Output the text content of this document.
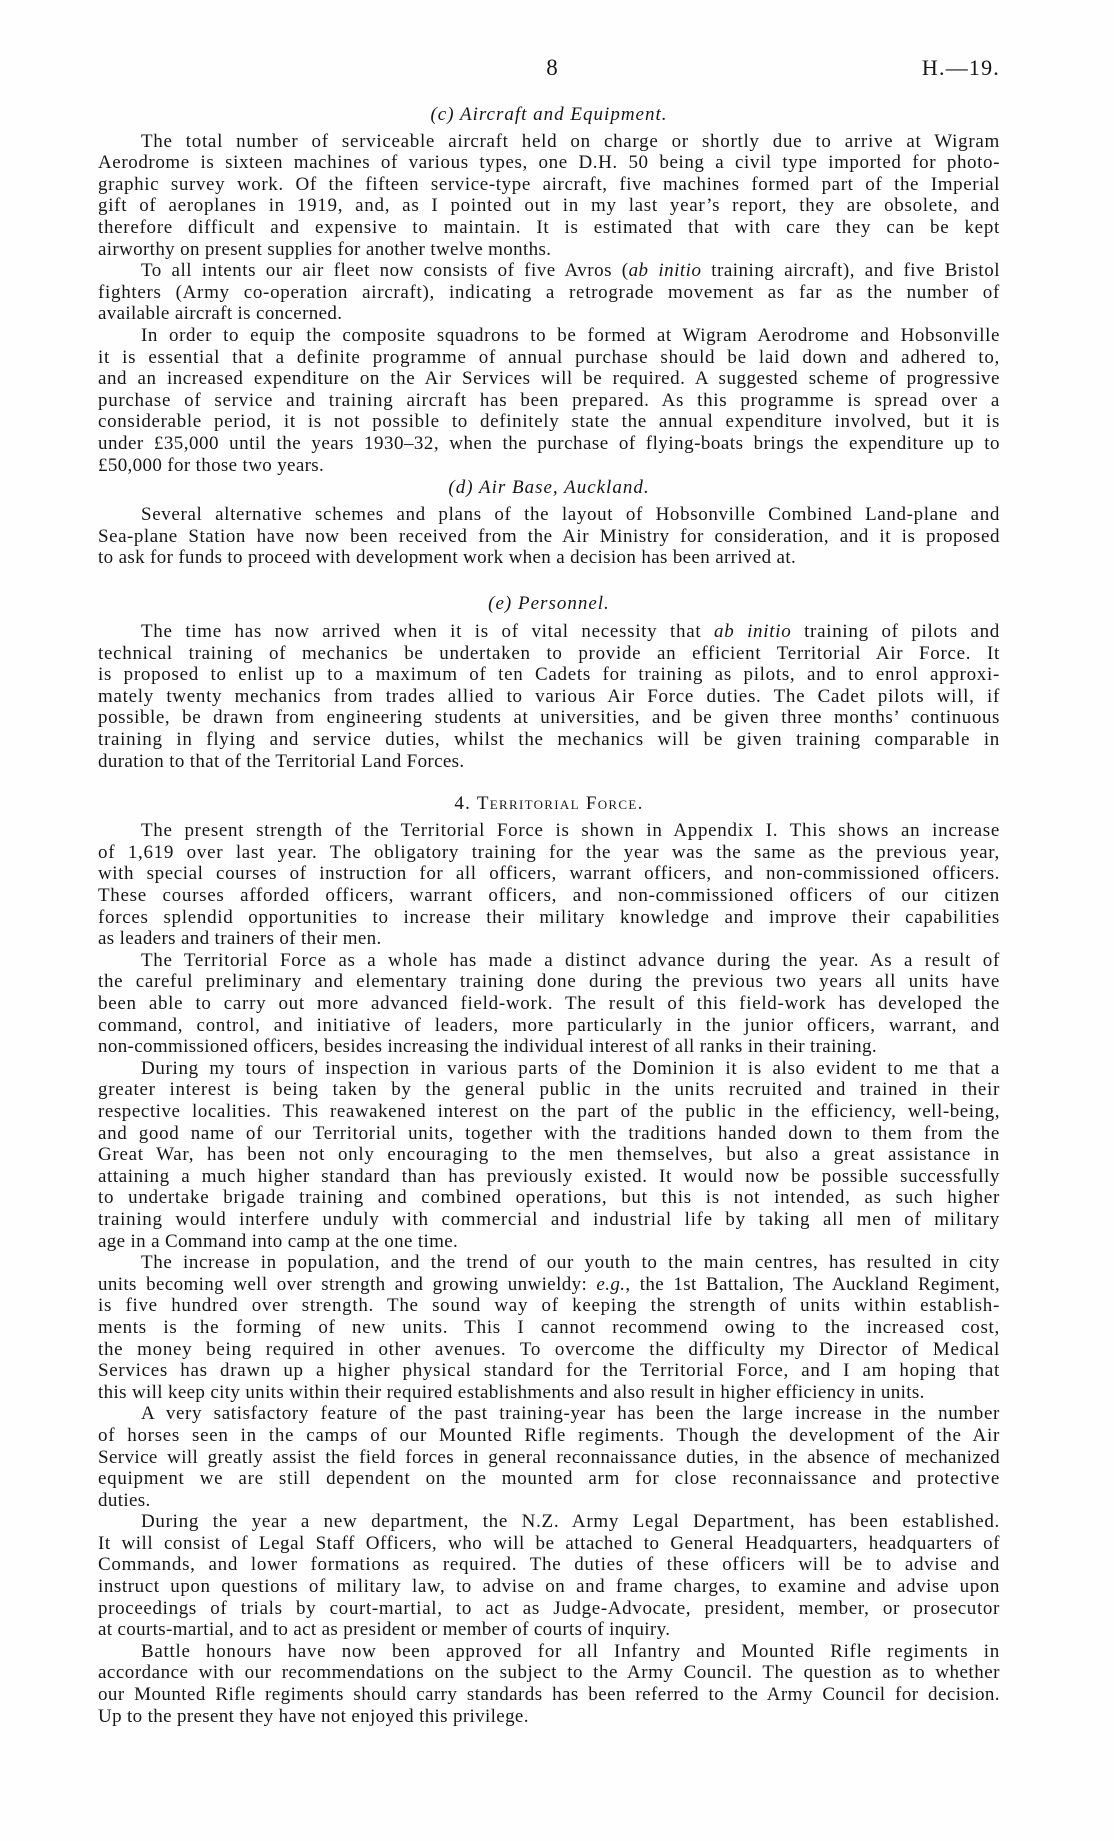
8	H.—19.
(c) Aircraft and Equipment.
The total number of serviceable aircraft held on charge or shortly due to arrive at Wigram
Aerodrome is sixteen machines of various types, one D.H. 50 being a civil type imported for photo-
graphic survey work. Of the fifteen service-type aircraft, five machines formed part of the Imperial
gift of aeroplanes in 1919, and, as I pointed out in my last year’s report, they are obsolete, and
therefore difficult and expensive to maintain. It is estimated that with care they can be kept
airworthy on present supplies for another twelve months.
To all intents our air fleet now consists of five Avros (ab initio training aircraft), and five Bristol
fighters (Army co-operation aircraft), indicating a retrograde movement as far as the number of
available aircraft is concerned.
In order to equip the composite squadrons to be formed at Wigram Aerodrome and Hobsonville
it is essential that a definite programme of annual purchase should be laid down and adhered to,
and an increased expenditure on the Air Services will be required. A suggested scheme of progressive
purchase of service and training aircraft has been prepared. As this programme is spread over a
considerable period, it is not possible to definitely state the annual expenditure involved, but it is
under £35,000 until the years 1930–32, when the purchase of flying-boats brings the expenditure up to
£50,000 for those two years.
(d) Air Base, Auckland.
Several alternative schemes and plans of the layout of Hobsonville Combined Land-plane and
Sea-plane Station have now been received from the Air Ministry for consideration, and it is proposed
to ask for funds to proceed with development work when a decision has been arrived at.
(e) Personnel.
The time has now arrived when it is of vital necessity that ab initio training of pilots and
technical training of mechanics be undertaken to provide an efficient Territorial Air Force. It
is proposed to enlist up to a maximum of ten Cadets for training as pilots, and to enrol approxi-
mately twenty mechanics from trades allied to various Air Force duties. The Cadet pilots will, if
possible, be drawn from engineering students at universities, and be given three months’ continuous
training in flying and service duties, whilst the mechanics will be given training comparable in
duration to that of the Territorial Land Forces.
4. Territorial Force.
The present strength of the Territorial Force is shown in Appendix I. This shows an increase
of 1,619 over last year. The obligatory training for the year was the same as the previous year,
with special courses of instruction for all officers, warrant officers, and non-commissioned officers.
These courses afforded officers, warrant officers, and non-commissioned officers of our citizen
forces splendid opportunities to increase their military knowledge and improve their capabilities
as leaders and trainers of their men.
The Territorial Force as a whole has made a distinct advance during the year. As a result of
the careful preliminary and elementary training done during the previous two years all units have
been able to carry out more advanced field-work. The result of this field-work has developed the
command, control, and initiative of leaders, more particularly in the junior officers, warrant, and
non-commissioned officers, besides increasing the individual interest of all ranks in their training.
During my tours of inspection in various parts of the Dominion it is also evident to me that a
greater interest is being taken by the general public in the units recruited and trained in their
respective localities. This reawakened interest on the part of the public in the efficiency, well-being,
and good name of our Territorial units, together with the traditions handed down to them from the
Great War, has been not only encouraging to the men themselves, but also a great assistance in
attaining a much higher standard than has previously existed. It would now be possible successfully
to undertake brigade training and combined operations, but this is not intended, as such higher
training would interfere unduly with commercial and industrial life by taking all men of military
age in a Command into camp at the one time.
The increase in population, and the trend of our youth to the main centres, has resulted in city
units becoming well over strength and growing unwieldy: e.g., the 1st Battalion, The Auckland Regiment,
is five hundred over strength. The sound way of keeping the strength of units within establish-
ments is the forming of new units. This I cannot recommend owing to the increased cost,
the money being required in other avenues. To overcome the difficulty my Director of Medical
Services has drawn up a higher physical standard for the Territorial Force, and I am hoping that
this will keep city units within their required establishments and also result in higher efficiency in units.
A very satisfactory feature of the past training-year has been the large increase in the number
of horses seen in the camps of our Mounted Rifle regiments. Though the development of the Air
Service will greatly assist the field forces in general reconnaissance duties, in the absence of mechanized
equipment we are still dependent on the mounted arm for close reconnaissance and protective
duties.
During the year a new department, the N.Z. Army Legal Department, has been established.
It will consist of Legal Staff Officers, who will be attached to General Headquarters, headquarters of
Commands, and lower formations as required. The duties of these officers will be to advise and
instruct upon questions of military law, to advise on and frame charges, to examine and advise upon
proceedings of trials by court-martial, to act as Judge-Advocate, president, member, or prosecutor
at courts-martial, and to act as president or member of courts of inquiry.
Battle honours have now been approved for all Infantry and Mounted Rifle regiments in
accordance with our recommendations on the subject to the Army Council. The question as to whether
our Mounted Rifle regiments should carry standards has been referred to the Army Council for decision.
Up to the present they have not enjoyed this privilege.
